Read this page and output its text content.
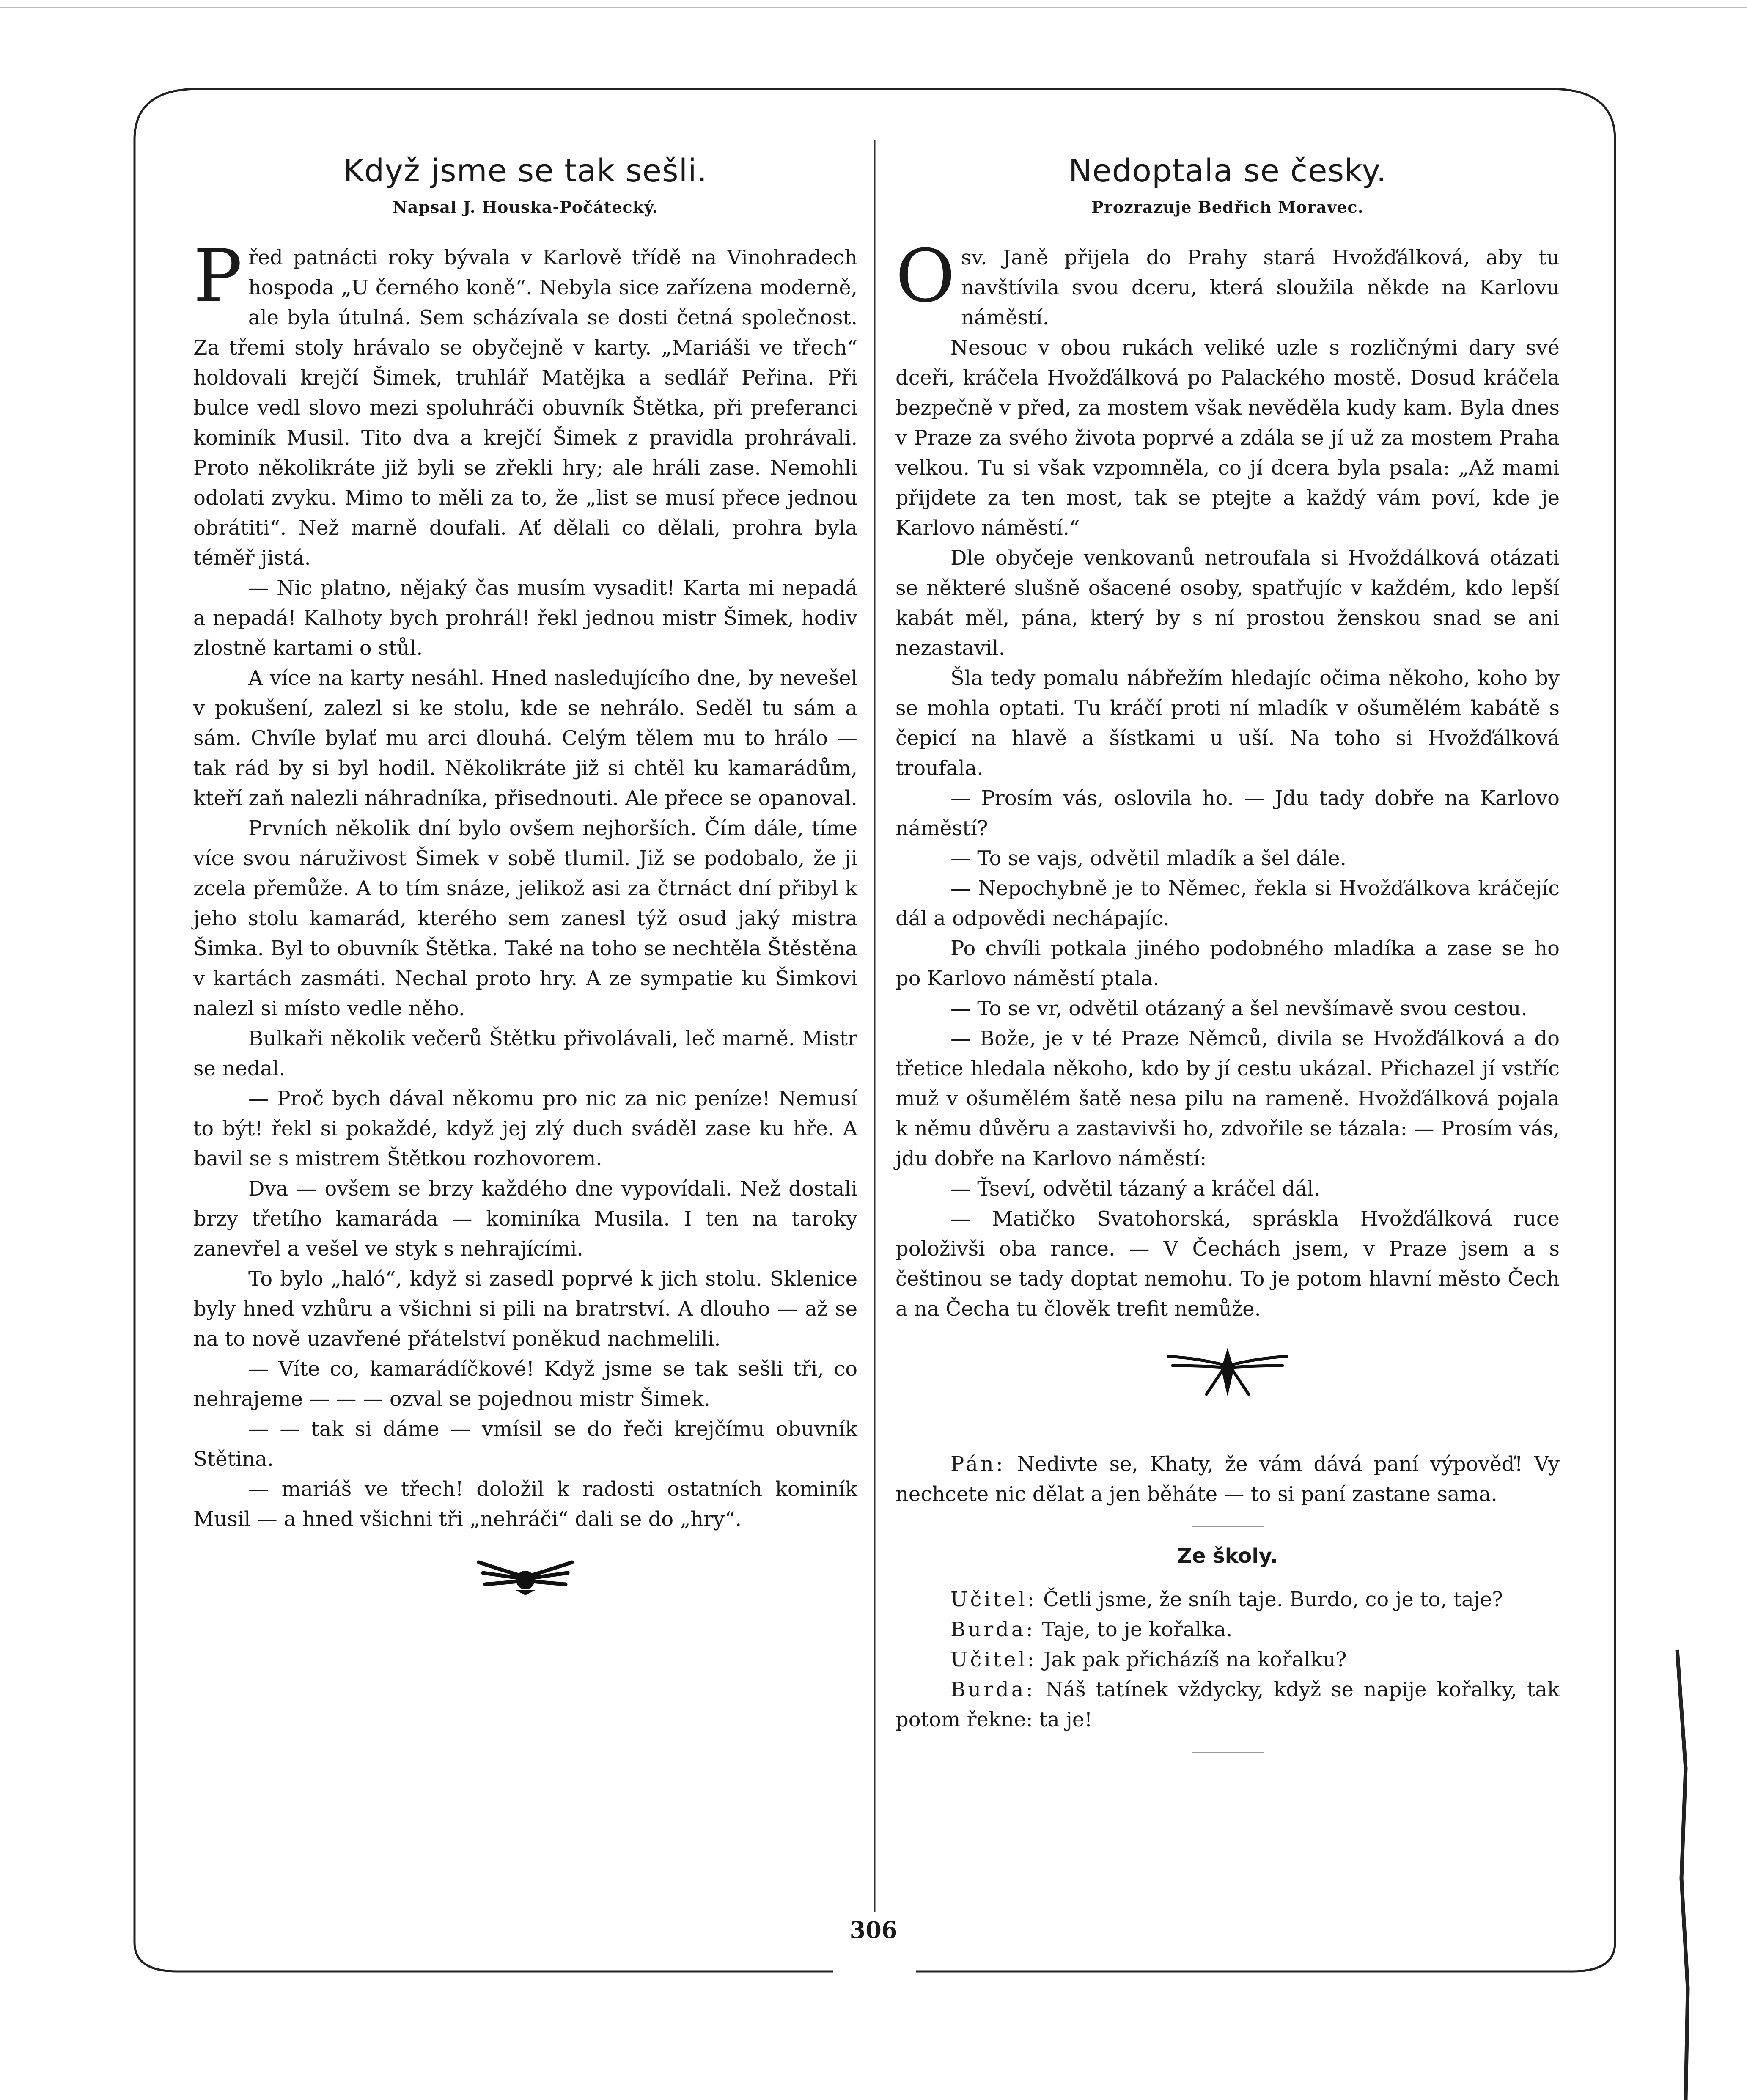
Když jsme se tak sešli.
Napsal J. Houska-Počátecký.

Před patnácti roky bývala v Karlově třídě na Vinohradech hospoda „U černého koně“. Nebyla sice zařízena moderně, ale byla útulná. Sem scházívala se dosti četná společnost. Za třemi stoly hrávalo se obyčejně v karty. „Mariáši ve třech“ holdovali krejčí Šimek, truhlář Matějka a sedlář Peřina. Při bulce vedl slovo mezi spoluhráči obuvník Štětka, při preferanci kominík Musil. Tito dva a krejčí Šimek z pravidla prohrávali. Proto několikráte již byli se zřekli hry; ale hráli zase. Nemohli odolati zvyku. Mimo to měli za to, že „list se musí přece jednou obrátiti“. Než marně doufali. Ať dělali co dělali, prohra byla téměř jistá.

— Nic platno, nějaký čas musím vysadit! Karta mi nepadá a nepadá! Kalhoty bych prohrál! řekl jednou mistr Šimek, hodiv zlostně kartami o stůl.

A více na karty nesáhl. Hned nasledujícího dne, by nevešel v pokušení, zalezl si ke stolu, kde se nehrálo. Seděl tu sám a sám. Chvíle bylať mu arci dlouhá. Celým tělem mu to hrálo — tak rád by si byl hodil. Několikráte již si chtěl ku kamarádům, kteří zaň nalezli náhradníka, přisednouti. Ale přece se opanoval.

Prvních několik dní bylo ovšem nejhorších. Čím dále, tíme více svou náruživost Šimek v sobě tlumil. Již se podobalo, že ji zcela přemůže. A to tím snáze, jelikož asi za čtrnáct dní přibyl k jeho stolu kamarád, kterého sem zanesl týž osud jaký mistra Šimka. Byl to obuvník Štětka. Také na toho se nechtěla Štěstěna v kartách zasmáti. Nechal proto hry. A ze sympatie ku Šimkovi nalezl si místo vedle něho.

Bulkaři několik večerů Štětku přivolávali, leč marně. Mistr se nedal.

— Proč bych dával někomu pro nic za nic peníze! Nemusí to být! řekl si pokaždé, když jej zlý duch sváděl zase ku hře. A bavil se s mistrem Štětkou rozhovorem.

Dva — ovšem se brzy každého dne vypovídali. Než dostali brzy třetího kamaráda — kominíka Musila. I ten na taroky zanevřel a vešel ve styk s nehrajícími.

To bylo „haló“, když si zasedl poprvé k jich stolu. Sklenice byly hned vzhůru a všichni si pili na bratrství. A dlouho — až se na to nově uzavřené přátelství poněkud nachmelili.

— Víte co, kamarádíčkové! Když jsme se tak sešli tři, co nehrajeme — — — ozval se pojednou mistr Šimek.

— — tak si dáme — vmísil se do řeči krejčímu obuvník Stětina.

— mariáš ve třech! doložil k radosti ostatních kominík Musil — a hned všichni tři „nehráči“ dali se do „hry“.

Nedoptala se česky.
Prozrazuje Bedřich Moravec.

Osv. Janě přijela do Prahy stará Hvožďálková, aby tu navštívila svou dceru, která sloužila někde na Karlovu náměstí.

Nesouc v obou rukách veliké uzle s rozličnými dary své dceři, kráčela Hvožďálková po Palackého mostě. Dosud kráčela bezpečně v před, za mostem však nevěděla kudy kam. Byla dnes v Praze za svého života poprvé a zdála se jí už za mostem Praha velkou. Tu si však vzpomněla, co jí dcera byla psala: „Až mami přijdete za ten most, tak se ptejte a každý vám poví, kde je Karlovo náměstí.“

Dle obyčeje venkovanů netroufala si Hvoždálková otázati se některé slušně ošacené osoby, spatřujíc v každém, kdo lepší kabát měl, pána, který by s ní prostou ženskou snad se ani nezastavil.

Šla tedy pomalu nábřežím hledajíc očima někoho, koho by se mohla optati. Tu kráčí proti ní mladík v ošumělém kabátě s čepicí na hlavě a šístkami u uší. Na toho si Hvožďálková troufala.

— Prosím vás, oslovila ho. — Jdu tady dobře na Karlovo náměstí?

— To se vajs, odvětil mladík a šel dále.

— Nepochybně je to Němec, řekla si Hvožďálkova kráčejíc dál a odpovědi nechápajíc.

Po chvíli potkala jiného podobného mladíka a zase se ho po Karlovo náměstí ptala.

— To se vr, odvětil otázaný a šel nevšímavě svou cestou.

— Bože, je v té Praze Němců, divila se Hvožďálková a do třetice hledala někoho, kdo by jí cestu ukázal. Přichazel jí vstříc muž v ošumělém šatě nesa pilu na rameně. Hvožďálková pojala k němu důvěru a zastavivši ho, zdvořile se tázala: — Prosím vás, jdu dobře na Karlovo náměstí:

— Ťseví, odvětil tázaný a kráčel dál.

— Matičko Svatohorská, spráskla Hvožďálková ruce položivši oba rance. — V Čechách jsem, v Praze jsem a s češtinou se tady doptat nemohu. To je potom hlavní město Čech a na Čecha tu člověk trefit nemůže.

Pán: Nedivte se, Khaty, že vám dává paní výpověď! Vy nechcete nic dělat a jen běháte — to si paní zastane sama.

Ze školy.

Učitel: Četli jsme, že sníh taje. Burdo, co je to, taje?

Burda: Taje, to je kořalka.

Učitel: Jak pak přicházíš na kořalku?

Burda: Náš tatínek vždycky, když se napije kořalky, tak potom řekne: ta je!

306
